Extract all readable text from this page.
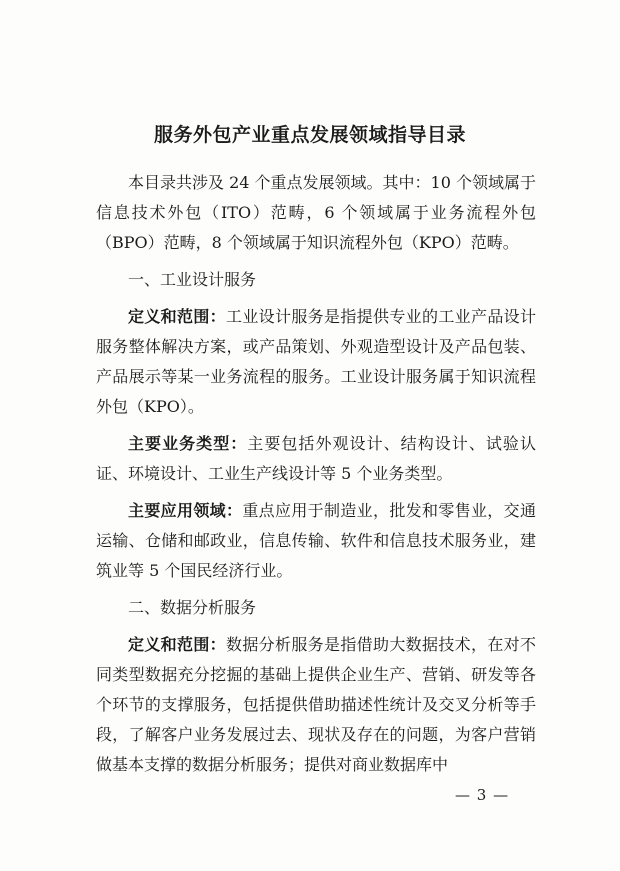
服务外包产业重点发展领域指导目录

本目录共涉及 24 个重点发展领域。其中：10 个领域属于信息技术外包（ITO）范畴，6 个领域属于业务流程外包（BPO）范畴，8 个领域属于知识流程外包（KPO）范畴。

一、工业设计服务

定义和范围：工业设计服务是指提供专业的工业产品设计服务整体解决方案，或产品策划、外观造型设计及产品包装、产品展示等某一业务流程的服务。工业设计服务属于知识流程外包（KPO）。

主要业务类型：主要包括外观设计、结构设计、试验认证、环境设计、工业生产线设计等 5 个业务类型。

主要应用领域：重点应用于制造业，批发和零售业，交通运输、仓储和邮政业，信息传输、软件和信息技术服务业，建筑业等 5 个国民经济行业。

二、数据分析服务

定义和范围：数据分析服务是指借助大数据技术，在对不同类型数据充分挖掘的基础上提供企业生产、营销、研发等各个环节的支撑服务，包括提供借助描述性统计及交叉分析等手段，了解客户业务发展过去、现状及存在的问题，为客户营销做基本支撑的数据分析服务；提供对商业数据库中

— 3 —
